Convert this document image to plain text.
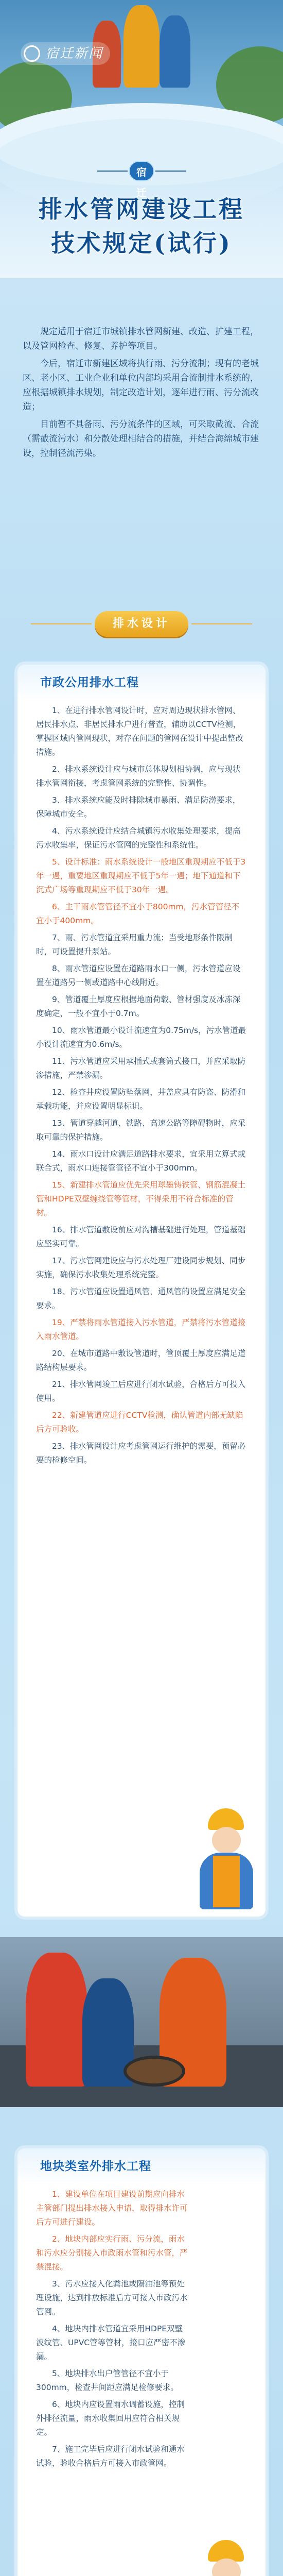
宿迁新闻
宿 迁
排水管网建设工程
技术规定(试行)

规定适用于宿迁市城镇排水管网新建、改造、扩建工程，以及管网检查、修复、养护等项目。

今后，宿迁市新建区域将执行雨、污分流制；现有的老城区、老小区、工业企业和单位内部均采用合流制排水系统的，应根据城镇排水规划，制定改造计划，逐年进行雨、污分流改造；

目前暂不具备雨、污分流条件的区域，可采取截流、合流（需截流污水）和分散处理相结合的措施，并结合海绵城市建设，控制径流污染。

排水设计
市政公用排水工程

1、在进行排水管网设计时，应对周边现状排水管网、居民排水点、非居民排水户进行普查，辅助以CCTV检测，掌握区域内管网现状，对存在问题的管网在设计中提出整改措施。

2、排水系统设计应与城市总体规划相协调，应与现状排水管网衔接，考虑管网系统的完整性、协调性。

3、排水系统应能及时排除城市暴雨、满足防涝要求，保障城市安全。

4、污水系统设计应结合城镇污水收集处理要求，提高污水收集率，保证污水管网的完整性和系统性。

5、设计标准：雨水系统设计一般地区重现期应不低于3年一遇，重要地区重现期应不低于5年一遇；地下通道和下沉式广场等重现期应不低于30年一遇。

6、主干雨水管管径不宜小于800mm，污水管管径不宜小于400mm。

7、雨、污水管道宜采用重力流；当受地形条件限制时，可设置提升泵站。

8、雨水管道应设置在道路雨水口一侧，污水管道应设置在道路另一侧或道路中心线附近。

9、管道覆土厚度应根据地面荷载、管材强度及冰冻深度确定，一般不宜小于0.7m。

10、雨水管道最小设计流速宜为0.75m/s，污水管道最小设计流速宜为0.6m/s。

11、污水管道应采用承插式或套筒式接口，并应采取防渗措施，严禁渗漏。

12、检查井应设置防坠落网，井盖应具有防盗、防滑和承载功能，并应设置明显标识。

13、管道穿越河道、铁路、高速公路等障碍物时，应采取可靠的保护措施。

14、雨水口设计应满足道路排水要求，宜采用立算式或联合式，雨水口连接管管径不宜小于300mm。

15、新建排水管道应优先采用球墨铸铁管、钢筋混凝土管和HDPE双壁缠绕管等管材，不得采用不符合标准的管材。

16、排水管道敷设前应对沟槽基础进行处理，管道基础应坚实可靠。

17、污水管网建设应与污水处理厂建设同步规划、同步实施，确保污水收集处理系统完整。

18、污水管道应设置通风管，通风管的设置应满足安全要求。

19、严禁将雨水管道接入污水管道，严禁将污水管道接入雨水管道。

20、在城市道路中敷设管道时，管顶覆土厚度应满足道路结构层要求。

21、排水管网竣工后应进行闭水试验，合格后方可投入使用。

22、新建管道应进行CCTV检测，确认管道内部无缺陷后方可验收。

23、排水管网设计应考虑管网运行维护的需要，预留必要的检修空间。

地块类室外排水工程

1、建设单位在项目建设前期应向排水主管部门提出排水接入申请，取得排水许可后方可进行建设。

2、地块内部应实行雨、污分流，雨水和污水应分别接入市政雨水管和污水管，严禁混接。

3、污水应接入化粪池或隔油池等预处理设施，达到排放标准后方可接入市政污水管网。

4、地块内排水管道宜采用HDPE双壁波纹管、UPVC管等管材，接口应严密不渗漏。

5、地块排水出户管管径不宜小于300mm，检查井间距应满足检修要求。

6、地块内应设置雨水调蓄设施，控制外排径流量，雨水收集回用应符合相关规定。

7、施工完毕后应进行闭水试验和通水试验，验收合格后方可接入市政管网。
